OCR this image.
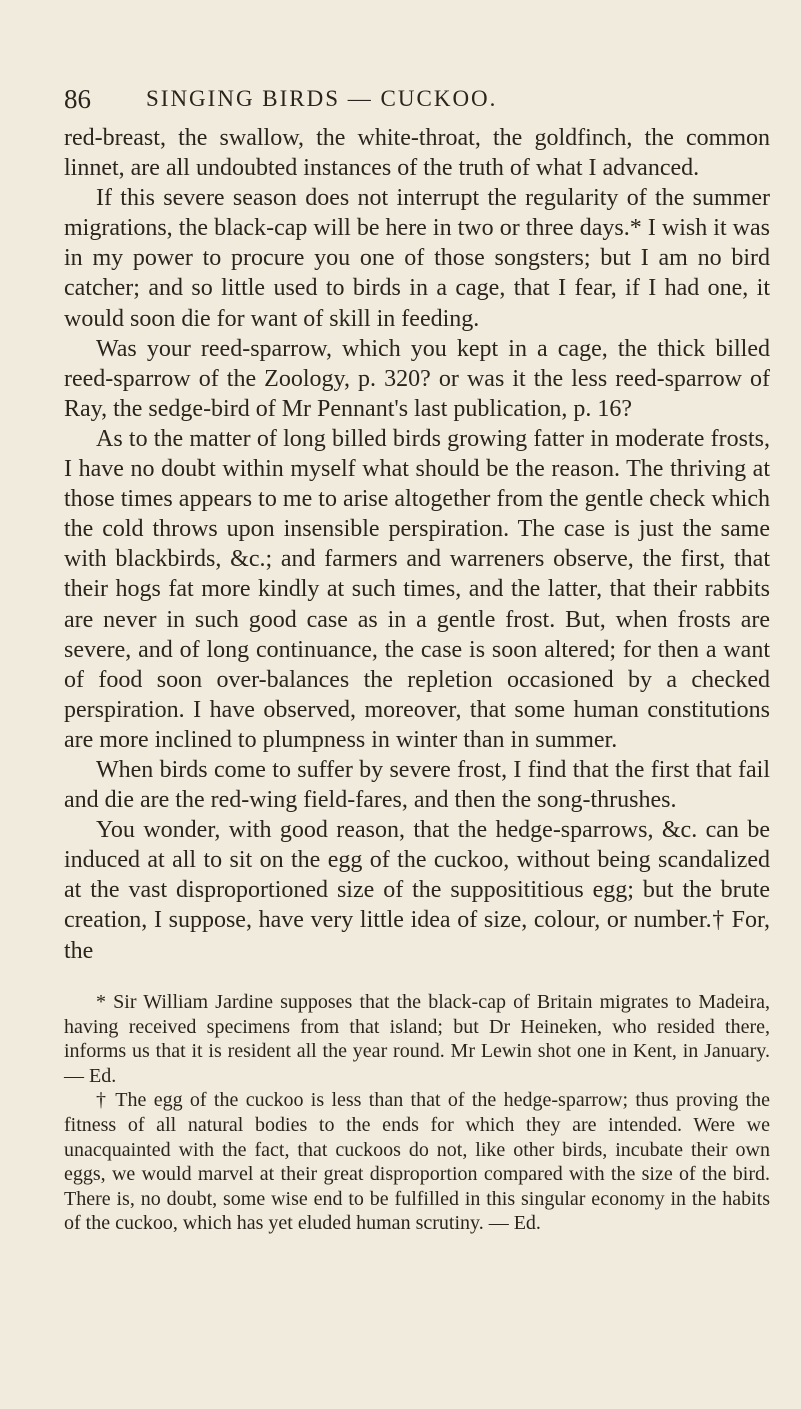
86 SINGING BIRDS — CUCKOO.

red-breast, the swallow, the white-throat, the goldfinch, the common linnet, are all undoubted instances of the truth of what I advanced.

If this severe season does not interrupt the regularity of the summer migrations, the black-cap will be here in two or three days.* I wish it was in my power to procure you one of those songsters; but I am no bird catcher; and so little used to birds in a cage, that I fear, if I had one, it would soon die for want of skill in feeding.

Was your reed-sparrow, which you kept in a cage, the thick billed reed-sparrow of the Zoology, p. 320? or was it the less reed-sparrow of Ray, the sedge-bird of Mr Pennant's last publication, p. 16?

As to the matter of long billed birds growing fatter in moderate frosts, I have no doubt within myself what should be the reason. The thriving at those times appears to me to arise altogether from the gentle check which the cold throws upon insensible perspiration. The case is just the same with blackbirds, &c.; and farmers and warreners observe, the first, that their hogs fat more kindly at such times, and the latter, that their rabbits are never in such good case as in a gentle frost. But, when frosts are severe, and of long continuance, the case is soon altered; for then a want of food soon over-balances the repletion occasioned by a checked perspiration. I have observed, moreover, that some human constitutions are more inclined to plumpness in winter than in summer.

When birds come to suffer by severe frost, I find that the first that fail and die are the red-wing field-fares, and then the song-thrushes.

You wonder, with good reason, that the hedge-sparrows, &c. can be induced at all to sit on the egg of the cuckoo, without being scandalized at the vast disproportioned size of the supposititious egg; but the brute creation, I suppose, have very little idea of size, colour, or number.† For, the

* Sir William Jardine supposes that the black-cap of Britain migrates to Madeira, having received specimens from that island; but Dr Heineken, who resided there, informs us that it is resident all the year round. Mr Lewin shot one in Kent, in January. — Ed.

† The egg of the cuckoo is less than that of the hedge-sparrow; thus proving the fitness of all natural bodies to the ends for which they are intended. Were we unacquainted with the fact, that cuckoos do not, like other birds, incubate their own eggs, we would marvel at their great disproportion compared with the size of the bird. There is, no doubt, some wise end to be fulfilled in this singular economy in the habits of the cuckoo, which has yet eluded human scrutiny. — Ed.
